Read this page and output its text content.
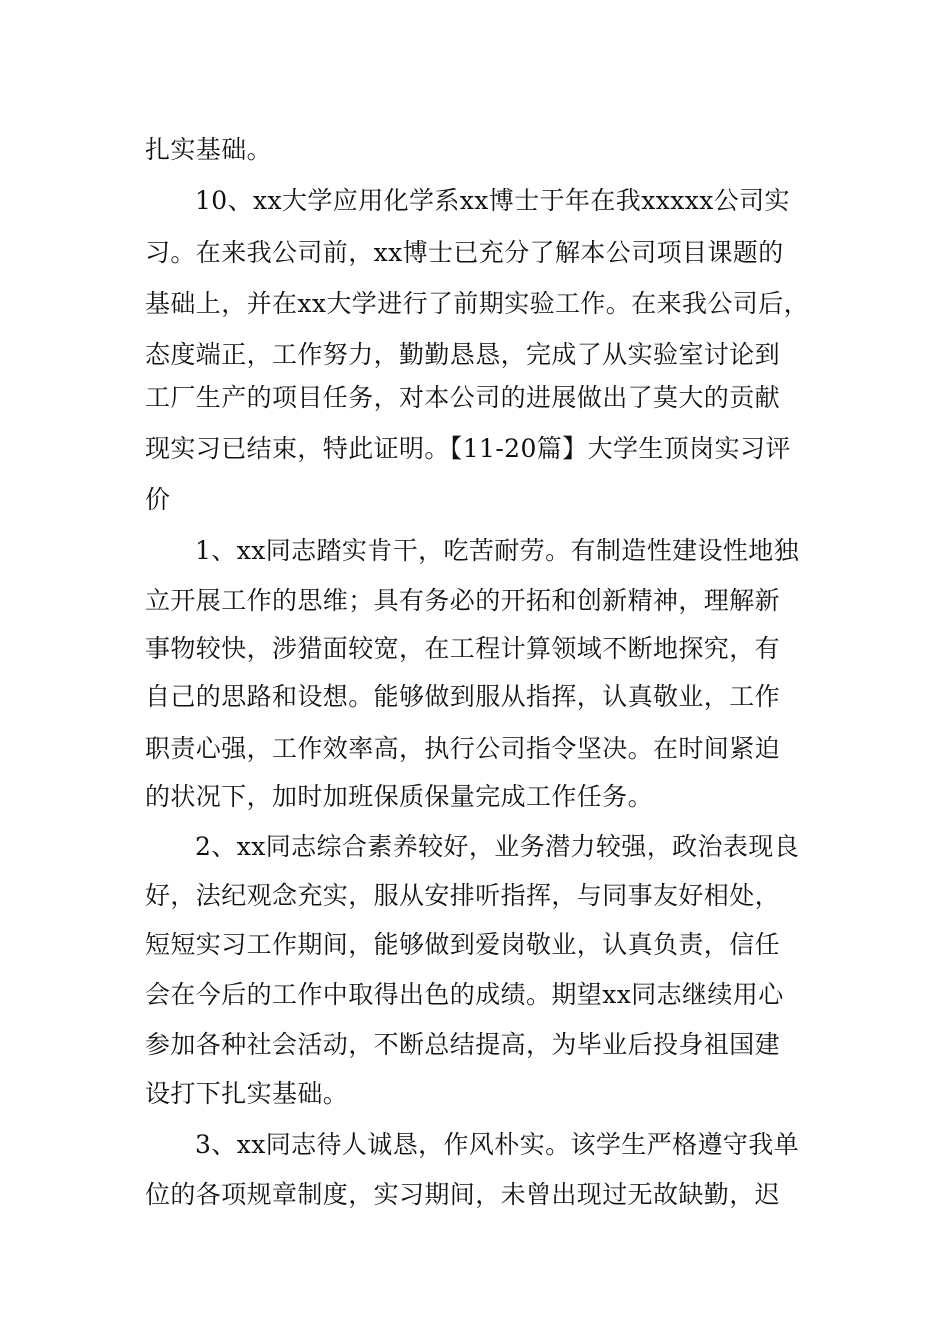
扎实基础。
10、xx大学应用化学系xx博士于年在我xxxxx公司实
习。在来我公司前，xx博士已充分了解本公司项目课题的
基础上，并在xx大学进行了前期实验工作。在来我公司后，
态度端正，工作努力，勤勤恳恳，完成了从实验室讨论到
工厂生产的项目任务，对本公司的进展做出了莫大的贡献
现实习已结束，特此证明。【11-20篇】大学生顶岗实习评
价
1、xx同志踏实肯干，吃苦耐劳。有制造性建设性地独
立开展工作的思维；具有务必的开拓和创新精神，理解新
事物较快，涉猎面较宽，在工程计算领域不断地探究，有
自己的思路和设想。能够做到服从指挥，认真敬业，工作
职责心强，工作效率高，执行公司指令坚决。在时间紧迫
的状况下，加时加班保质保量完成工作任务。
2、xx同志综合素养较好，业务潜力较强，政治表现良
好，法纪观念充实，服从安排听指挥，与同事友好相处，
短短实习工作期间，能够做到爱岗敬业，认真负责，信任
会在今后的工作中取得出色的成绩。期望xx同志继续用心
参加各种社会活动，不断总结提高，为毕业后投身祖国建
设打下扎实基础。
3、xx同志待人诚恳，作风朴实。该学生严格遵守我单
位的各项规章制度，实习期间，未曾出现过无故缺勤，迟
